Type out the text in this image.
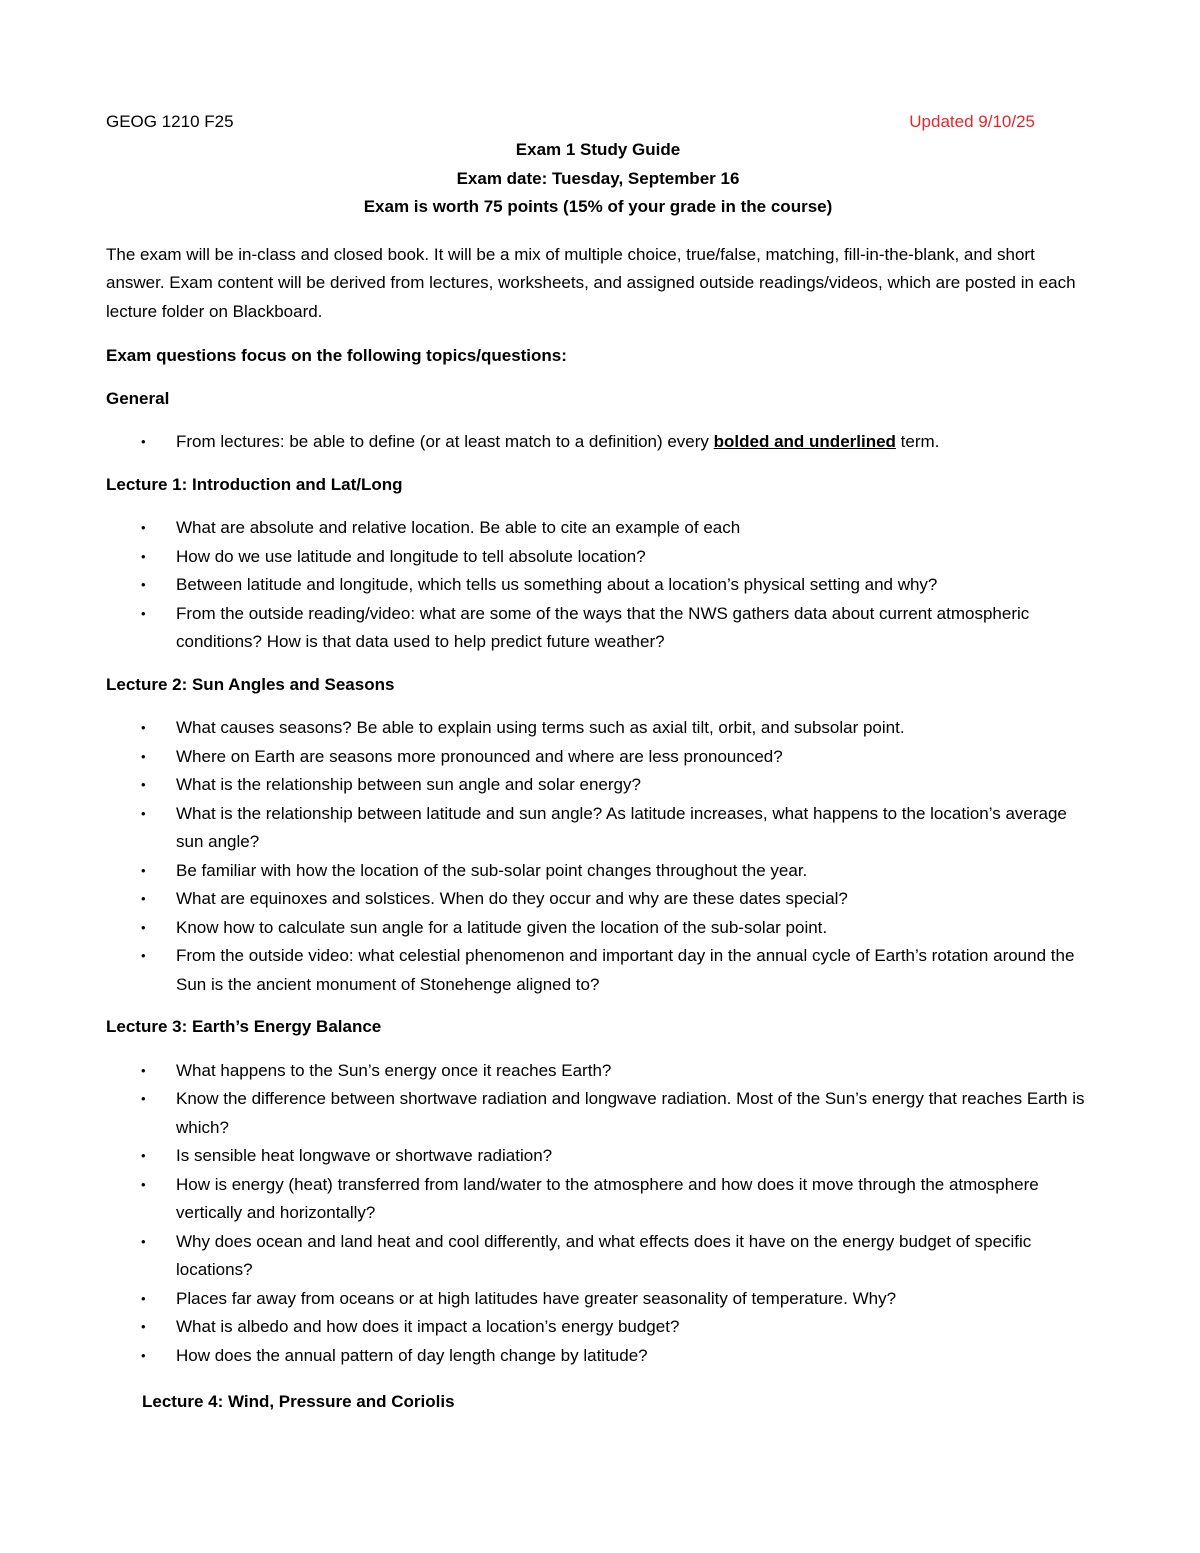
GEOG 1210 F25	Updated 9/10/25
Exam 1 Study Guide
Exam date: Tuesday, September 16
Exam is worth 75 points (15% of your grade in the course)
The exam will be in-class and closed book. It will be a mix of multiple choice, true/false, matching, fill-in-the-blank, and short answer. Exam content will be derived from lectures, worksheets, and assigned outside readings/videos, which are posted in each lecture folder on Blackboard.
Exam questions focus on the following topics/questions:
General
• From lectures: be able to define (or at least match to a definition) every bolded and underlined term.
Lecture 1: Introduction and Lat/Long
• What are absolute and relative location. Be able to cite an example of each
• How do we use latitude and longitude to tell absolute location?
• Between latitude and longitude, which tells us something about a location’s physical setting and why?
• From the outside reading/video: what are some of the ways that the NWS gathers data about current atmospheric conditions? How is that data used to help predict future weather?
Lecture 2: Sun Angles and Seasons
• What causes seasons? Be able to explain using terms such as axial tilt, orbit, and subsolar point.
• Where on Earth are seasons more pronounced and where are less pronounced?
• What is the relationship between sun angle and solar energy?
• What is the relationship between latitude and sun angle? As latitude increases, what happens to the location’s average sun angle?
• Be familiar with how the location of the sub-solar point changes throughout the year.
• What are equinoxes and solstices. When do they occur and why are these dates special?
• Know how to calculate sun angle for a latitude given the location of the sub-solar point.
• From the outside video: what celestial phenomenon and important day in the annual cycle of Earth’s rotation around the Sun is the ancient monument of Stonehenge aligned to?
Lecture 3: Earth’s Energy Balance
• What happens to the Sun’s energy once it reaches Earth?
• Know the difference between shortwave radiation and longwave radiation. Most of the Sun’s energy that reaches Earth is which?
• Is sensible heat longwave or shortwave radiation?
• How is energy (heat) transferred from land/water to the atmosphere and how does it move through the atmosphere vertically and horizontally?
• Why does ocean and land heat and cool differently, and what effects does it have on the energy budget of specific locations?
• Places far away from oceans or at high latitudes have greater seasonality of temperature. Why?
• What is albedo and how does it impact a location’s energy budget?
• How does the annual pattern of day length change by latitude?
Lecture 4: Wind, Pressure and Coriolis
